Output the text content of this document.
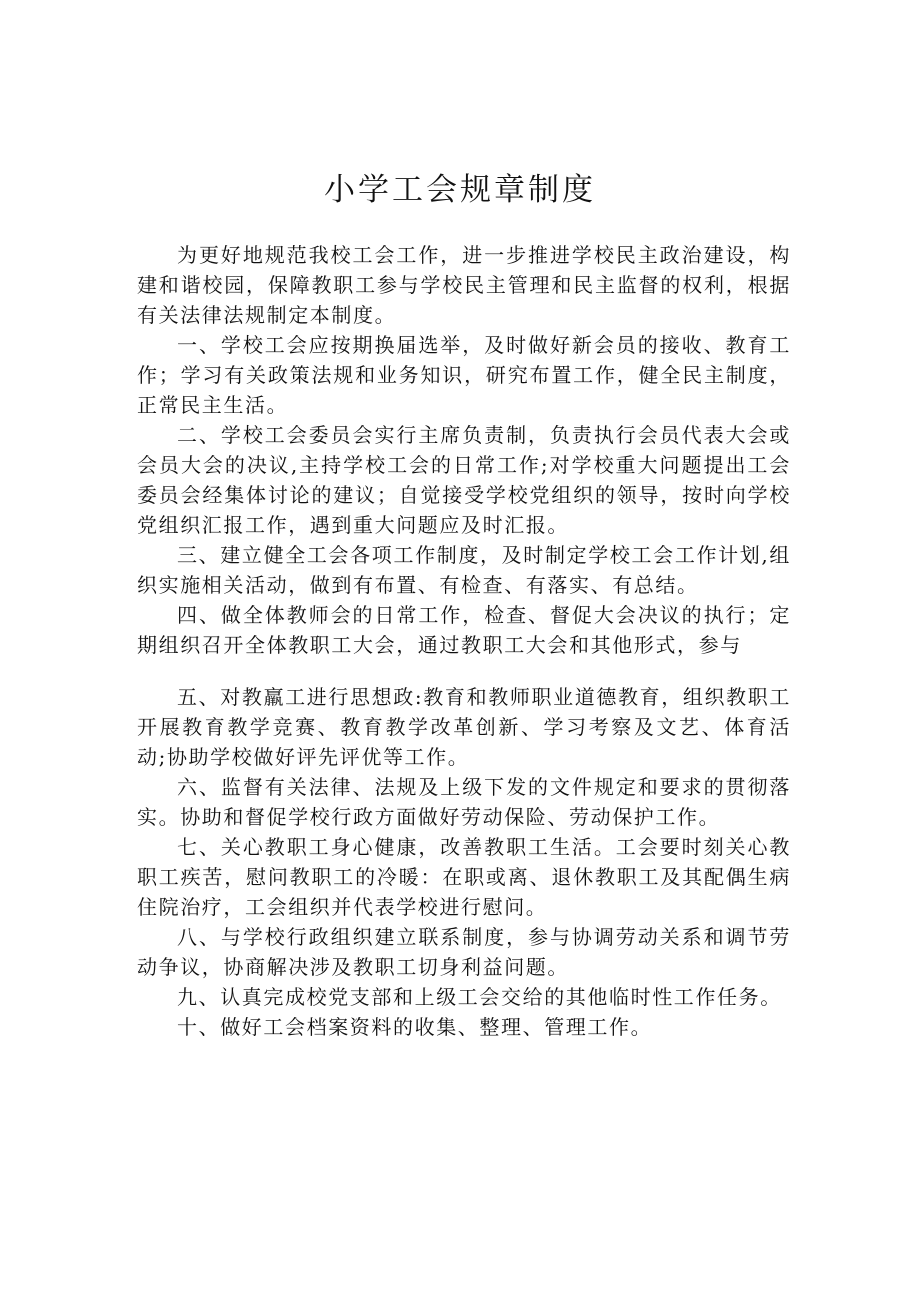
小学工会规章制度

为更好地规范我校工会工作，进一步推进学校民主政治建设，构建和谐校园，保障教职工参与学校民主管理和民主监督的权利，根据有关法律法规制定本制度。

一、学校工会应按期换届选举，及时做好新会员的接收、教育工作；学习有关政策法规和业务知识，研究布置工作，健全民主制度，正常民主生活。

二、学校工会委员会实行主席负责制，负责执行会员代表大会或会员大会的决议,主持学校工会的日常工作;对学校重大问题提出工会委员会经集体讨论的建议；自觉接受学校党组织的领导，按时向学校党组织汇报工作，遇到重大问题应及时汇报。

三、建立健全工会各项工作制度，及时制定学校工会工作计划,组织实施相关活动，做到有布置、有检查、有落实、有总结。

四、做全体教师会的日常工作，检查、督促大会决议的执行；定期组织召开全体教职工大会，通过教职工大会和其他形式，参与

五、对教羸工进行思想政:教育和教师职业道德教育，组织教职工开展教育教学竞赛、教育教学改革创新、学习考察及文艺、体育活动;协助学校做好评先评优等工作。

六、监督有关法律、法规及上级下发的文件规定和要求的贯彻落实。协助和督促学校行政方面做好劳动保险、劳动保护工作。

七、关心教职工身心健康，改善教职工生活。工会要时刻关心教职工疾苦，慰问教职工的冷暖：在职或离、退休教职工及其配偶生病住院治疗，工会组织并代表学校进行慰问。

八、与学校行政组织建立联系制度，参与协调劳动关系和调节劳动争议，协商解决涉及教职工切身利益问题。

九、认真完成校党支部和上级工会交给的其他临时性工作任务。

十、做好工会档案资料的收集、整理、管理工作。
